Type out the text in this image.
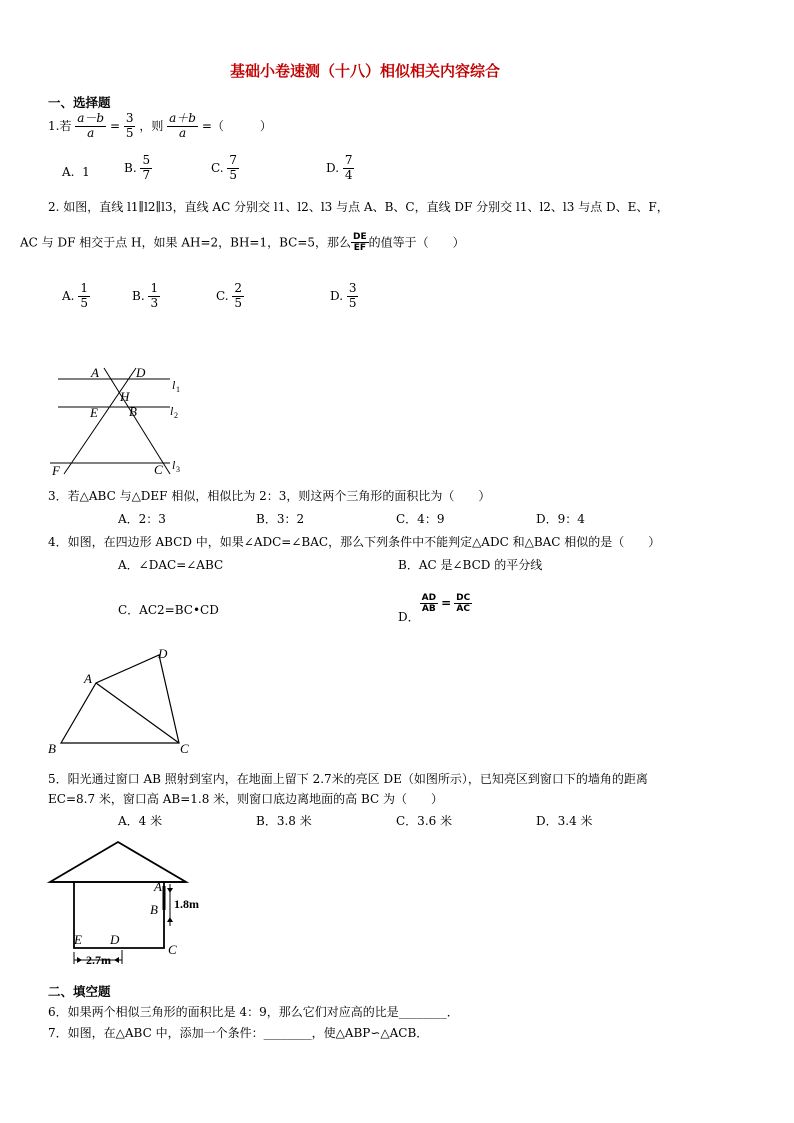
基础小卷速测（十八）相似相关内容综合
一、选择题
1.若 $\frac{a-b}{a} = \frac{3}{5}$ ，则 $\frac{a+b}{a}$ =（　　　）
A. 1	B. $\frac{5}{7}$	C. $\frac{7}{5}$	D. $\frac{7}{4}$
2. 如图，直线 l1∥l2∥l3，直线 AC 分别交 l1、l2、l3 与点 A、B、C，直线 DF 分别交 l1、l2、l3 与点 D、E、F，
AC 与 DF 相交于点 H，如果 AH=2，BH=1，BC=5，那么 $\frac{DE}{EF}$ 的值等于（　　）
A. $\frac{1}{5}$	B. $\frac{1}{3}$	C. $\frac{2}{5}$	D. $\frac{3}{5}$
A	D
H
E B
F	C
l 1
l 2
l 3
3．若△ABC 与△DEF 相似，相似比为 2：3，则这两个三角形的面积比为（　　）
A．2：3	B．3：2	C．4：9	D．9：4
4．如图，在四边形 ABCD 中，如果∠ADC=∠BAC，那么下列条件中不能判定△ADC 和△BAC 相似的是（　　）
A．∠DAC=∠ABC	B．AC 是∠BCD 的平分线
C．AC2=BC•CD
D．
$\frac{AD}{AB} = \frac{DC}{AC}$
A
B	C
D
5．阳光通过窗口 AB 照射到室内，在地面上留下 2.7米的亮区 DE（如图所示），已知亮区到窗口下的墙角的距离
EC=8.7 米，窗口高 AB=1.8 米，则窗口底边离地面的高 BC 为（　　）
A．4 米	B．3.8 米	C．3.6 米	D．3.4 米
A
B
C
E D
1.8m
2.7m
二、填空题
6．如果两个相似三角形的面积比是 4：9，那么它们对应高的比是________．
7．如图，在△ABC 中，添加一个条件：________，使△ABP∽△ACB．
